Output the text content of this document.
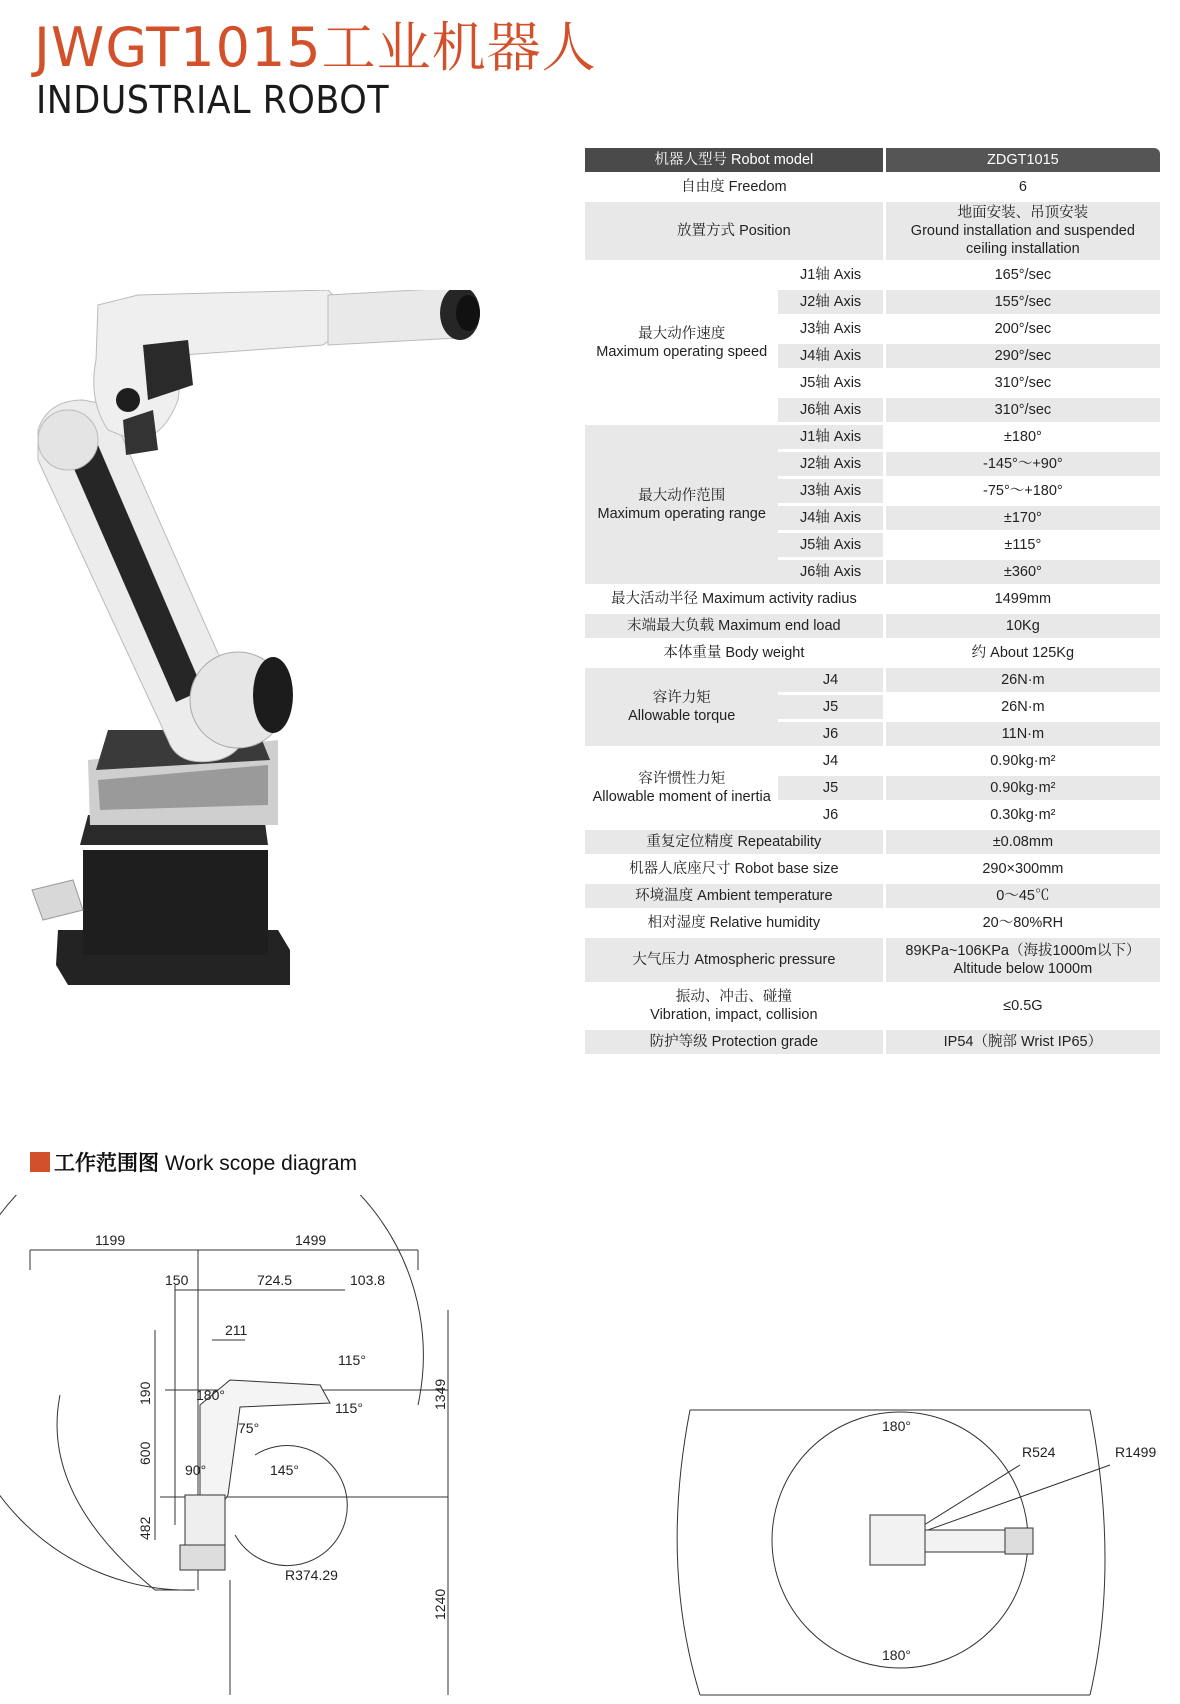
JWGT1015工业机器人
INDUSTRIAL ROBOT
机器人型号 Robot model		ZDGT1015
自由度 Freedom		6
放置方式 Position		地面安装、吊顶安装
Ground installation and suspended
ceiling installation

最大动作速度
Maximum operating speed	J1轴 Axis	165°/sec
	J2轴 Axis	155°/sec
	J3轴 Axis	200°/sec
	J4轴 Axis	290°/sec
	J5轴 Axis	310°/sec
	J6轴 Axis	310°/sec

最大动作范围
Maximum operating range	J1轴 Axis	±180°
	J2轴 Axis	-145°～+90°
	J3轴 Axis	-75°～+180°
	J4轴 Axis	±170°
	J5轴 Axis	±115°
	J6轴 Axis	±360°
最大活动半径 Maximum activity radius		1499mm
末端最大负载 Maximum end load		10Kg
本体重量 Body weight		约 About 125Kg

容许力矩
Allowable torque	J4	26N·m
	J5	26N·m
	J6	11N·m

容许惯性力矩
Allowable moment of inertia	J4	0.90kg·m²
	J5	0.90kg·m²
	J6	0.30kg·m²
重复定位精度 Repeatability		±0.08mm
机器人底座尺寸 Robot base size		290×300mm
环境温度 Ambient temperature		0～45℃
相对湿度 Relative humidity		20～80%RH
大气压力 Atmospheric pressure		89KPa~106KPa（海拔1000m以下）
Altitude below 1000m

振动、冲击、碰撞
Vibration, impact, collision		≤0.5G
防护等级 Protection grade		IP54（腕部 Wrist IP65）
工作范围图 Work scope diagram
1199	1499
150	724.5	103.8
211
190
600
482
1349
1240
180°
75°
90°	145°
115°
115°
R374.29
180°
180°
R524	R1499
